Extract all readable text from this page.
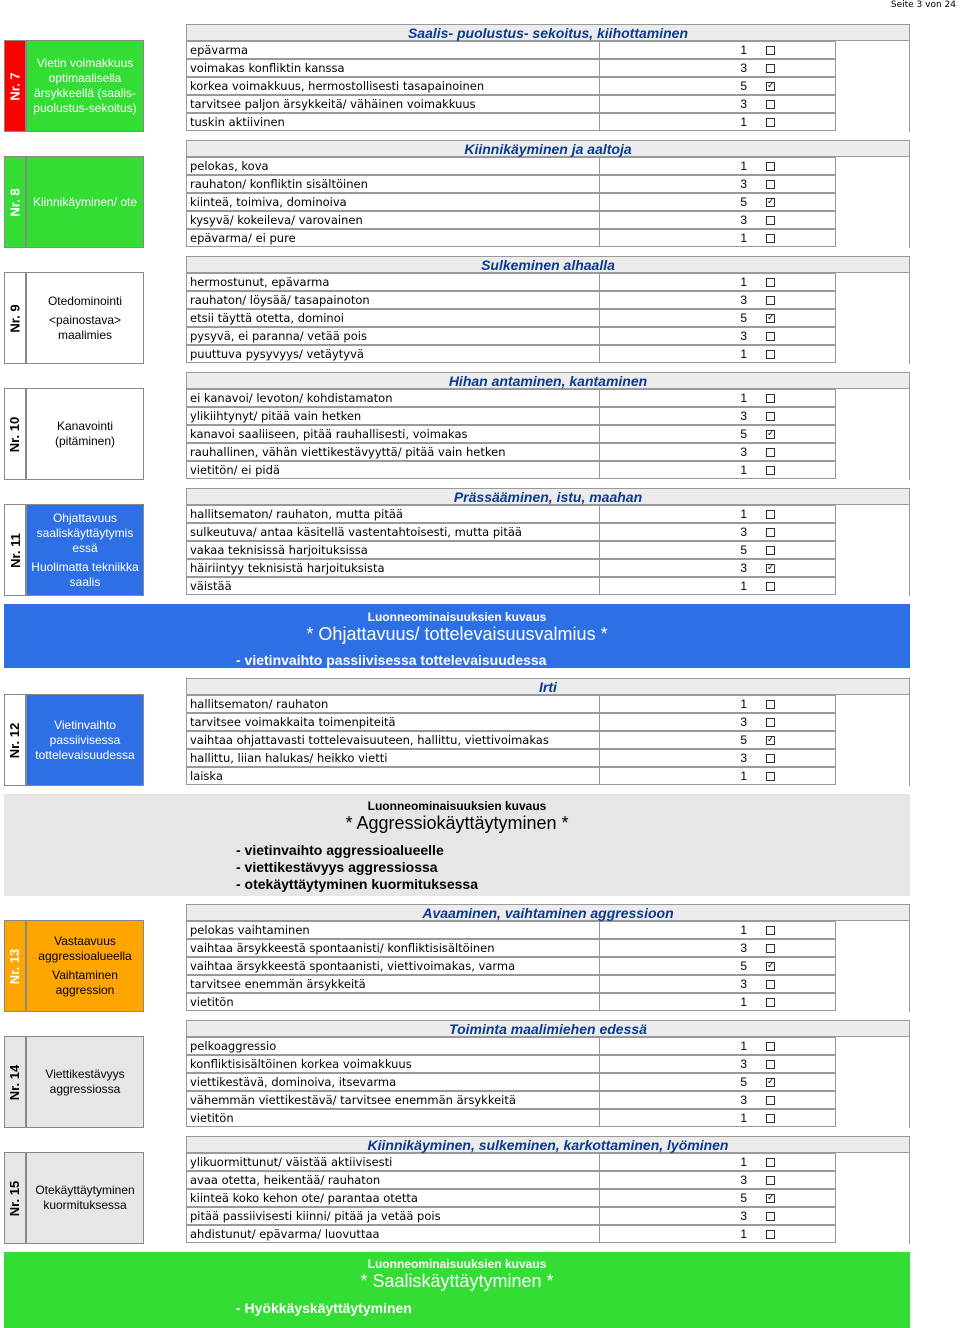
Seite 3 von 24
Luonneominaisuuksien kuvaus
* Ohjattavuus/ tottelevaisuusvalmius *
- vietinvaihto passiivisessa tottelevaisuudessa
Luonneominaisuuksien kuvaus
* Aggressiokäyttäytyminen *
- vietinvaihto aggressioalueelle
- viettikestävyys aggressiossa
- otekäyttäytyminen kuormituksessa
Luonneominaisuuksien kuvaus
* Saaliskäyttäytyminen *
- Hyökkäyskäyttäytyminen
Nr. 7
Vietin voimakkuus optimaalisella ärsykkeellä (saalis-puolustus-sekoitus)
Saalis- puolustus- sekoitus, kiihottaminen
epävarma	1
voimakas konfliktin kanssa	3
korkea voimakkuus, hermostollisesti tasapainoinen	5 ✓
tarvitsee paljon ärsykkeitä/ vähäinen voimakkuus	3
tuskin aktiivinen	1
Nr. 8 Kiinnikäyminen/ ote
Kiinnikäyminen ja aaltoja
pelokas, kova	1
rauhaton/ konfliktin sisältöinen	3
kiinteä, toimiva, dominoiva	5 ✓
kysyvä/ kokeileva/ varovainen	3
epävarma/ ei pure	1
Nr. 9
Otedominointi
<painostava> maalimies
Sulkeminen alhaalla
hermostunut, epävarma	1
rauhaton/ löysää/ tasapainoton	3
etsii täyttä otetta, dominoi	5 ✓
pysyvä, ei paranna/ vetää pois	3
puuttuva pysyvyys/ vetäytyvä	1
Nr. 10	Kanavointi (pitäminen)
Hihan antaminen, kantaminen
ei kanavoi/ levoton/ kohdistamaton	1
ylikiihtynyt/ pitää vain hetken	3
kanavoi saaliiseen, pitää rauhallisesti, voimakas	5 ✓
rauhallinen, vähän viettikestävyyttä/ pitää vain hetken	3
vietitön/ ei pidä	1
Nr. 11
Ohjattavuus saaliskäyttäytymis essä
Huolimatta tekniikka saalis
Prässääminen, istu, maahan
hallitsematon/ rauhaton, mutta pitää	1
sulkeutuva/ antaa käsitellä vastentahtoisesti, mutta pitää	3
vakaa teknisissä harjoituksissa	5
häiriintyy teknisistä harjoituksista	3 ✓
väistää	1
Nr. 12	Vietinvaihto passiivisessa tottelevaisuudessa
Irti
hallitsematon/ rauhaton	1
tarvitsee voimakkaita toimenpiteitä	3
vaihtaa ohjattavasti tottelevaisuuteen, hallittu, viettivoimakas	5 ✓
hallittu, liian halukas/ heikko vietti	3
laiska	1
Nr. 13
Vastaavuus aggressioalueella
Vaihtaminen aggression
Avaaminen, vaihtaminen aggressioon
pelokas vaihtaminen	1
vaihtaa ärsykkeestä spontaanisti/ konfliktisisältöinen	3
vaihtaa ärsykkeestä spontaanisti, viettivoimakas, varma	5 ✓
tarvitsee enemmän ärsykkeitä	3
vietitön	1
Nr. 14	Viettikestävyys aggressiossa
Toiminta maalimiehen edessä
pelkoaggressio	1
konfliktisisältöinen korkea voimakkuus	3
viettikestävä, dominoiva, itsevarma	5 ✓
vähemmän viettikestävä/ tarvitsee enemmän ärsykkeitä	3
vietitön	1
Nr. 15	Otekäyttäytyminen kuormituksessa
Kiinnikäyminen, sulkeminen, karkottaminen, lyöminen
ylikuormittunut/ väistää aktiivisesti	1
avaa otetta, heikentää/ rauhaton	3
kiinteä koko kehon ote/ parantaa otetta	5 ✓
pitää passiivisesti kiinni/ pitää ja vetää pois	3
ahdistunut/ epävarma/ luovuttaa	1
